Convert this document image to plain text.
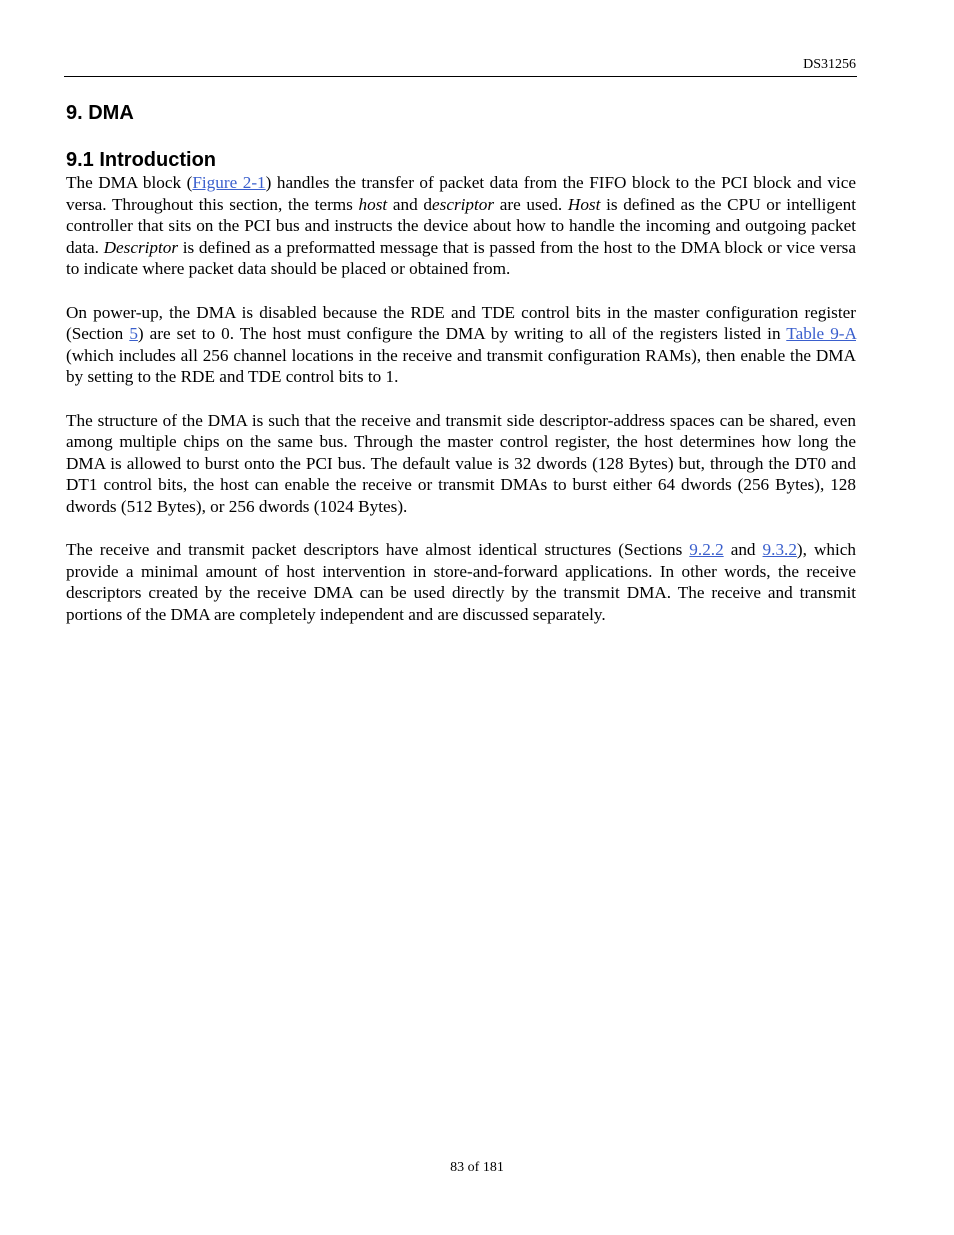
DS31256
9. DMA
9.1 Introduction

The DMA block (Figure 2-1) handles the transfer of packet data from the FIFO block to the PCI block and vice versa. Throughout this section, the terms host and descriptor are used. Host is defined as the CPU or intelligent controller that sits on the PCI bus and instructs the device about how to handle the incoming and outgoing packet data. Descriptor is defined as a preformatted message that is passed from the host to the DMA block or vice versa to indicate where packet data should be placed or obtained from.

On power-up, the DMA is disabled because the RDE and TDE control bits in the master configuration register (Section 5) are set to 0. The host must configure the DMA by writing to all of the registers listed in Table 9-A (which includes all 256 channel locations in the receive and transmit configuration RAMs), then enable the DMA by setting to the RDE and TDE control bits to 1.

The structure of the DMA is such that the receive and transmit side descriptor-address spaces can be shared, even among multiple chips on the same bus. Through the master control register, the host determines how long the DMA is allowed to burst onto the PCI bus. The default value is 32 dwords (128 Bytes) but, through the DT0 and DT1 control bits, the host can enable the receive or transmit DMAs to burst either 64 dwords (256 Bytes), 128 dwords (512 Bytes), or 256 dwords (1024 Bytes).

The receive and transmit packet descriptors have almost identical structures (Sections 9.2.2 and 9.3.2), which provide a minimal amount of host intervention in store-and-forward applications. In other words, the receive descriptors created by the receive DMA can be used directly by the transmit DMA. The receive and transmit portions of the DMA are completely independent and are discussed separately.

83 of 181
